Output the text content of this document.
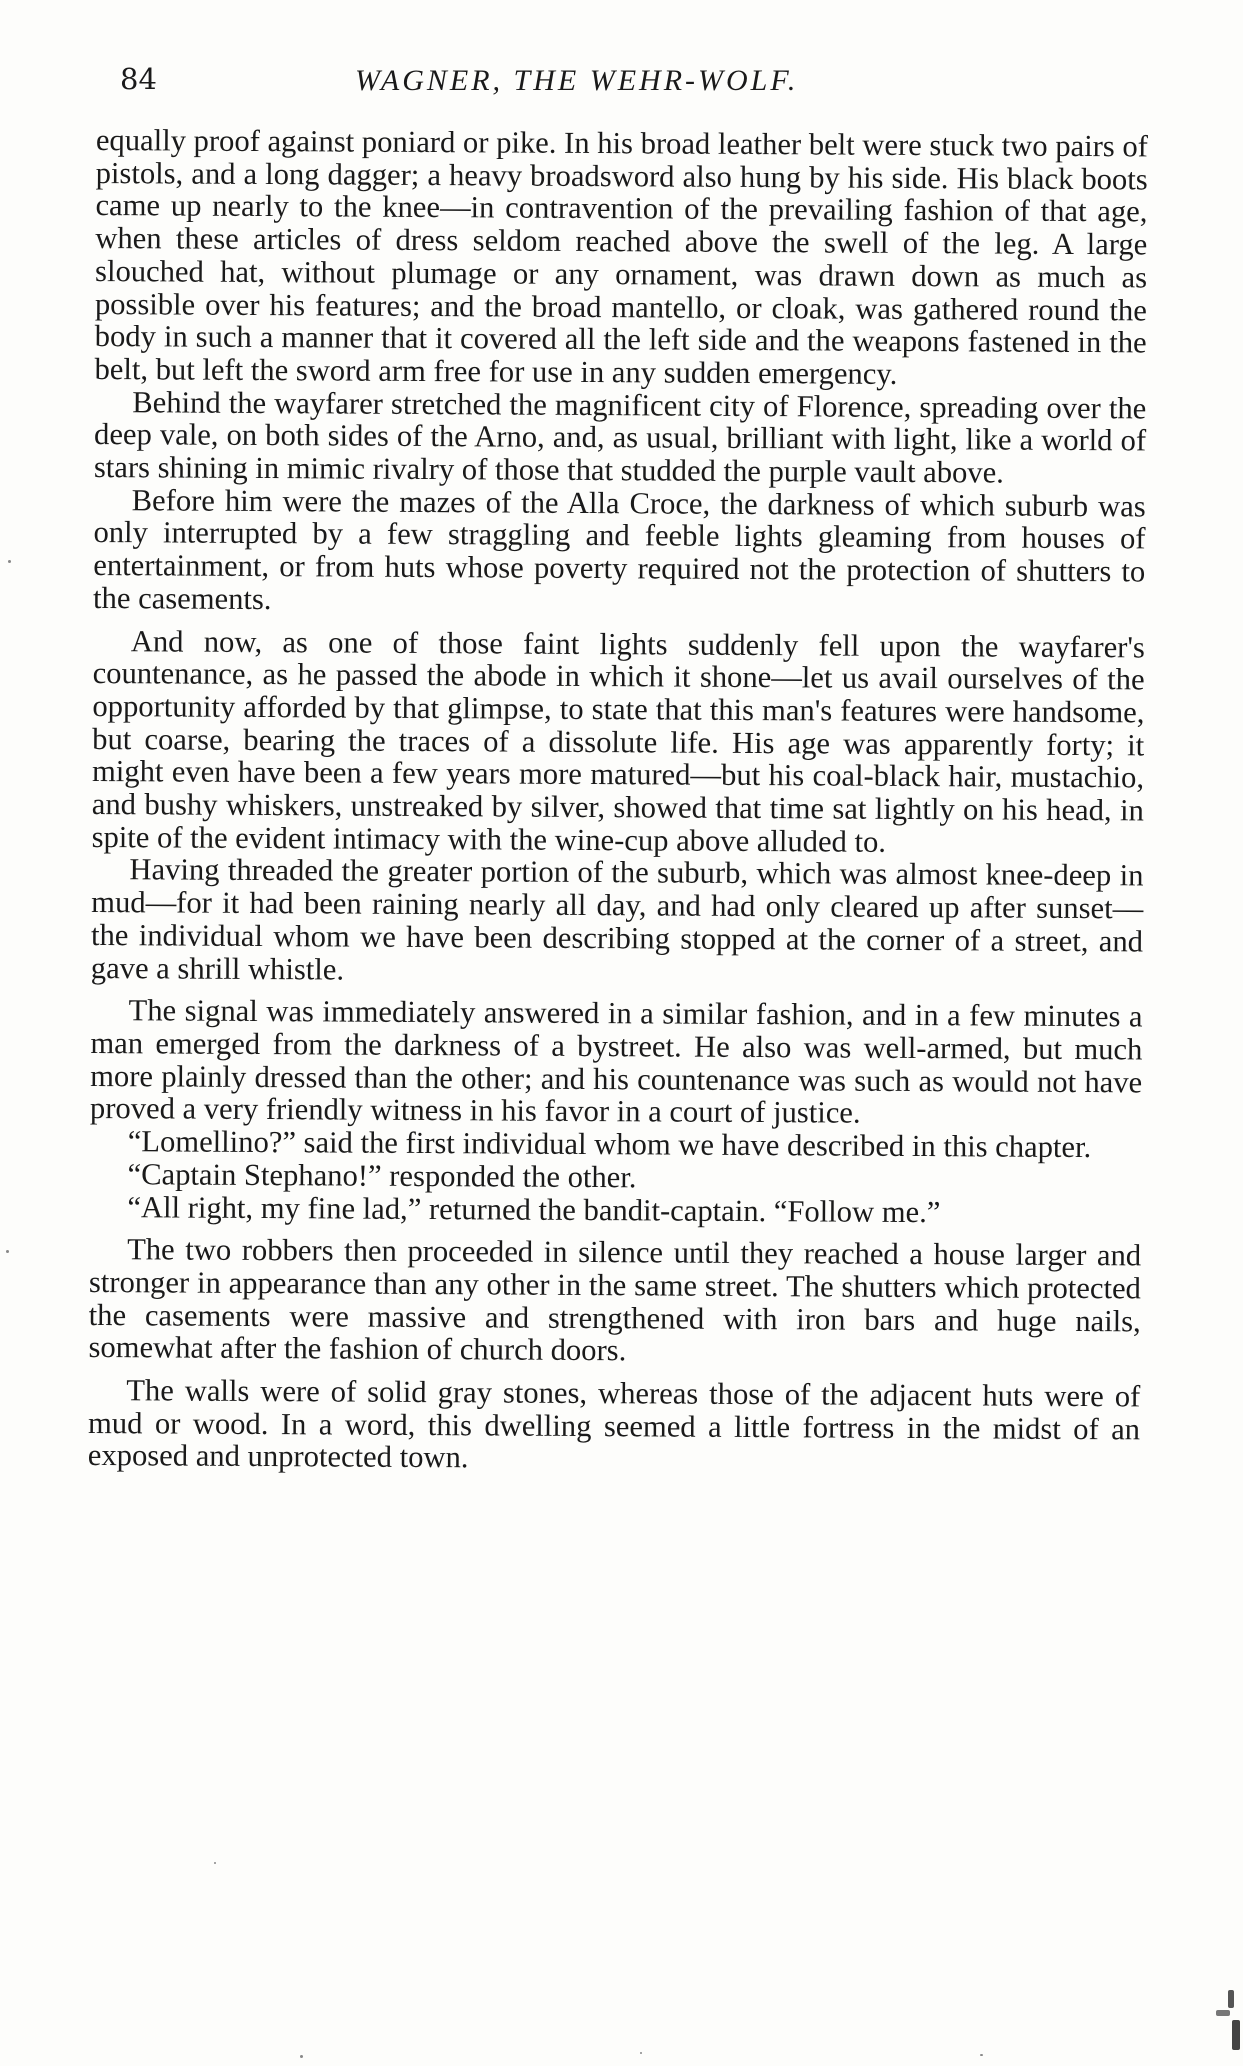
84	WAGNER, THE WEHR-WOLF.

equally proof against poniard or pike. In his broad leather belt were stuck two pairs of pistols, and a long dagger; a heavy broadsword also hung by his side. His black boots came up nearly to the knee—in contravention of the prevailing fashion of that age, when these articles of dress seldom reached above the swell of the leg. A large slouched hat, without plumage or any ornament, was drawn down as much as possible over his features; and the broad mantello, or cloak, was gathered round the body in such a manner that it covered all the left side and the weapons fastened in the belt, but left the sword arm free for use in any sudden emergency.

Behind the wayfarer stretched the magnificent city of Florence, spreading over the deep vale, on both sides of the Arno, and, as usual, brilliant with light, like a world of stars shining in mimic rivalry of those that studded the purple vault above.

Before him were the mazes of the Alla Croce, the darkness of which suburb was only interrupted by a few straggling and feeble lights gleaming from houses of entertainment, or from huts whose poverty required not the protection of shutters to the casements.

And now, as one of those faint lights suddenly fell upon the wayfarer's countenance, as he passed the abode in which it shone—let us avail ourselves of the opportunity afforded by that glimpse, to state that this man's features were handsome, but coarse, bearing the traces of a dissolute life. His age was apparently forty; it might even have been a few years more matured—but his coal-black hair, mustachio, and bushy whiskers, unstreaked by silver, showed that time sat lightly on his head, in spite of the evident intimacy with the wine-cup above alluded to.

Having threaded the greater portion of the suburb, which was almost knee-deep in mud—for it had been raining nearly all day, and had only cleared up after sunset—the individual whom we have been describing stopped at the corner of a street, and gave a shrill whistle.

The signal was immediately answered in a similar fashion, and in a few minutes a man emerged from the darkness of a bystreet. He also was well-armed, but much more plainly dressed than the other; and his countenance was such as would not have proved a very friendly witness in his favor in a court of justice.

“Lomellino?” said the first individual whom we have described in this chapter.

“Captain Stephano!” responded the other.

“All right, my fine lad,” returned the bandit-captain. “Follow me.”

The two robbers then proceeded in silence until they reached a house larger and stronger in appearance than any other in the same street. The shutters which protected the casements were massive and strengthened with iron bars and huge nails, somewhat after the fashion of church doors.

The walls were of solid gray stones, whereas those of the adjacent huts were of mud or wood. In a word, this dwelling seemed a little fortress in the midst of an exposed and unprotected town.
